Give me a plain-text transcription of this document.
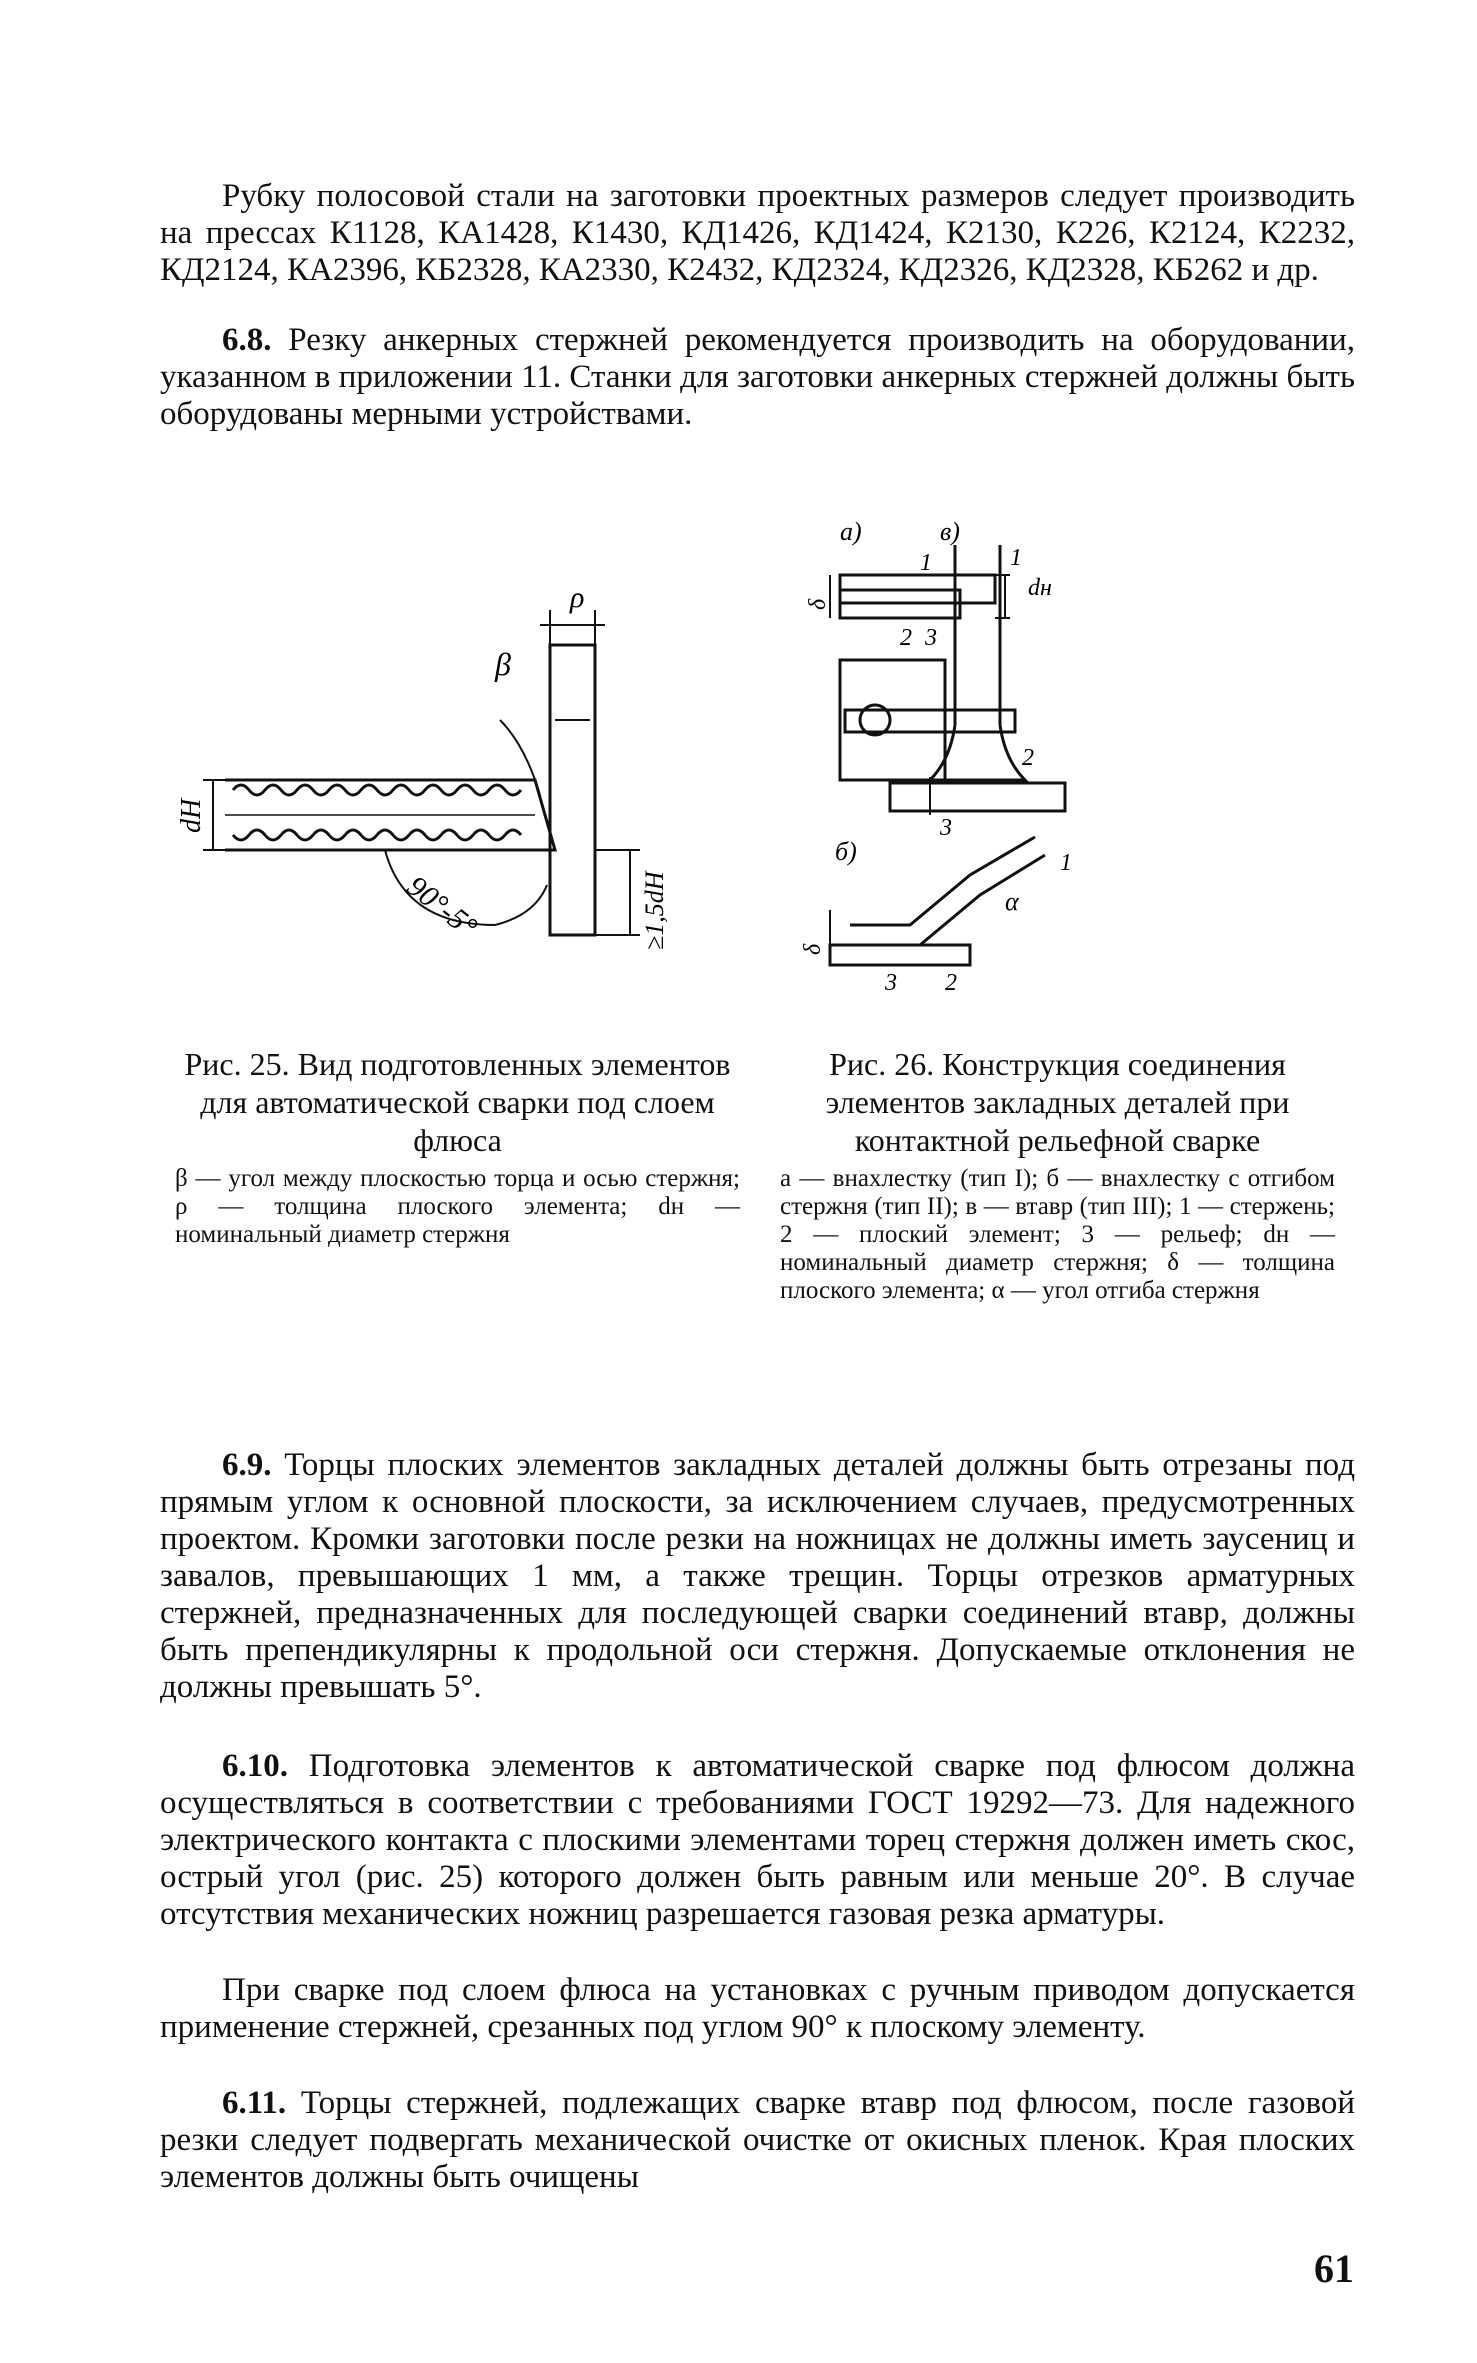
Рубку полосовой стали на заготовки проектных размеров следует производить на прессах К1128, КА1428, К1430, КД1426, КД1424, К2130, К226, К2124, К2232, КД2124, КА2396, КБ2328, КА2330, К2432, КД2324, КД2326, КД2328, КБ262 и др.

6.8. Резку анкерных стержней рекомендуется производить на оборудовании, указанном в приложении 11. Станки для заготовки анкерных стержней должны быть оборудованы мерными устройствами.

ρ
β
dH
90°-5°	≥1,5dH

Рис. 25. Вид подготовленных элементов для автоматической сварки под слоем флюса

β — угол между плоскостью торца и осью стержня; ρ — толщина плоского элемента; dн — номинальный диаметр стержня

а)	в)
б)
1
2 3
1
dн
2
3
3 2
1
α
δ
δ

Рис. 26. Конструкция соединения элементов закладных деталей при контактной рельефной сварке

а — внахлестку (тип I); б — внахлестку с отгибом стержня (тип II); в — втавр (тип III); 1 — стержень; 2 — плоский элемент; 3 — рельеф; dн — номинальный диаметр стержня; δ — толщина плоского элемента; α — угол отгиба стержня

6.9. Торцы плоских элементов закладных деталей должны быть отрезаны под прямым углом к основной плоскости, за исключением случаев, предусмотренных проектом. Кромки заготовки после резки на ножницах не должны иметь заусениц и завалов, превышающих 1 мм, а также трещин. Торцы отрезков арматурных стержней, предназначенных для последующей сварки соединений втавр, должны быть препендикулярны к продольной оси стержня. Допускаемые отклонения не должны превышать 5°.

6.10. Подготовка элементов к автоматической сварке под флюсом должна осуществляться в соответствии с требованиями ГОСТ 19292—73. Для надежного электрического контакта с плоскими элементами торец стержня должен иметь скос, острый угол (рис. 25) которого должен быть равным или меньше 20°. В случае отсутствия механических ножниц разрешается газовая резка арматуры.

При сварке под слоем флюса на установках с ручным приводом допускается применение стержней, срезанных под углом 90° к плоскому элементу.

6.11. Торцы стержней, подлежащих сварке втавр под флюсом, после газовой резки следует подвергать механической очистке от окисных пленок. Края плоских элементов должны быть очищены

61
